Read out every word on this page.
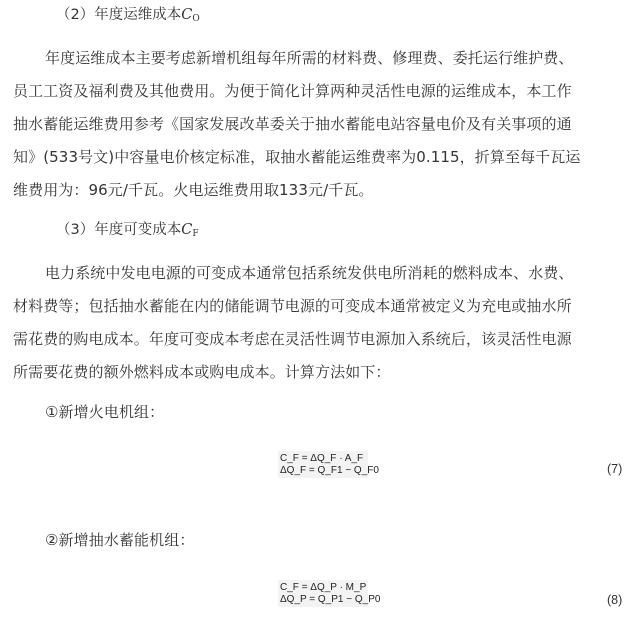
（2）年度运维成本$C_O$
年度运维成本主要考虑新增机组每年所需的材料费、修理费、委托运行维护费、
员工工资及福利费及其他费用。为便于简化计算两种灵活性电源的运维成本，本工作
抽水蓄能运维费用参考《国家发展改革委关于抽水蓄能电站容量电价及有关事项的通
知》(533号文)中容量电价核定标准，取抽水蓄能运维费率为0.115，折算至每千瓦运
维费用为：96元/千瓦。火电运维费用取133元/千瓦。
（3）年度可变成本$C_F$
电力系统中发电电源的可变成本通常包括系统发供电所消耗的燃料成本、水费、
材料费等；包括抽水蓄能在内的储能调节电源的可变成本通常被定义为充电或抽水所
需花费的购电成本。年度可变成本考虑在灵活性调节电源加入系统后，该灵活性电源
所需要花费的额外燃料成本或购电成本。计算方法如下：
①新增火电机组：
C_F = ΔQ_F · A_F
ΔQ_F = Q_F1 − Q_F0	(7)
②新增抽水蓄能机组：
C_F = ΔQ_P · M_P
ΔQ_P = Q_P1 − Q_P0	(8)
